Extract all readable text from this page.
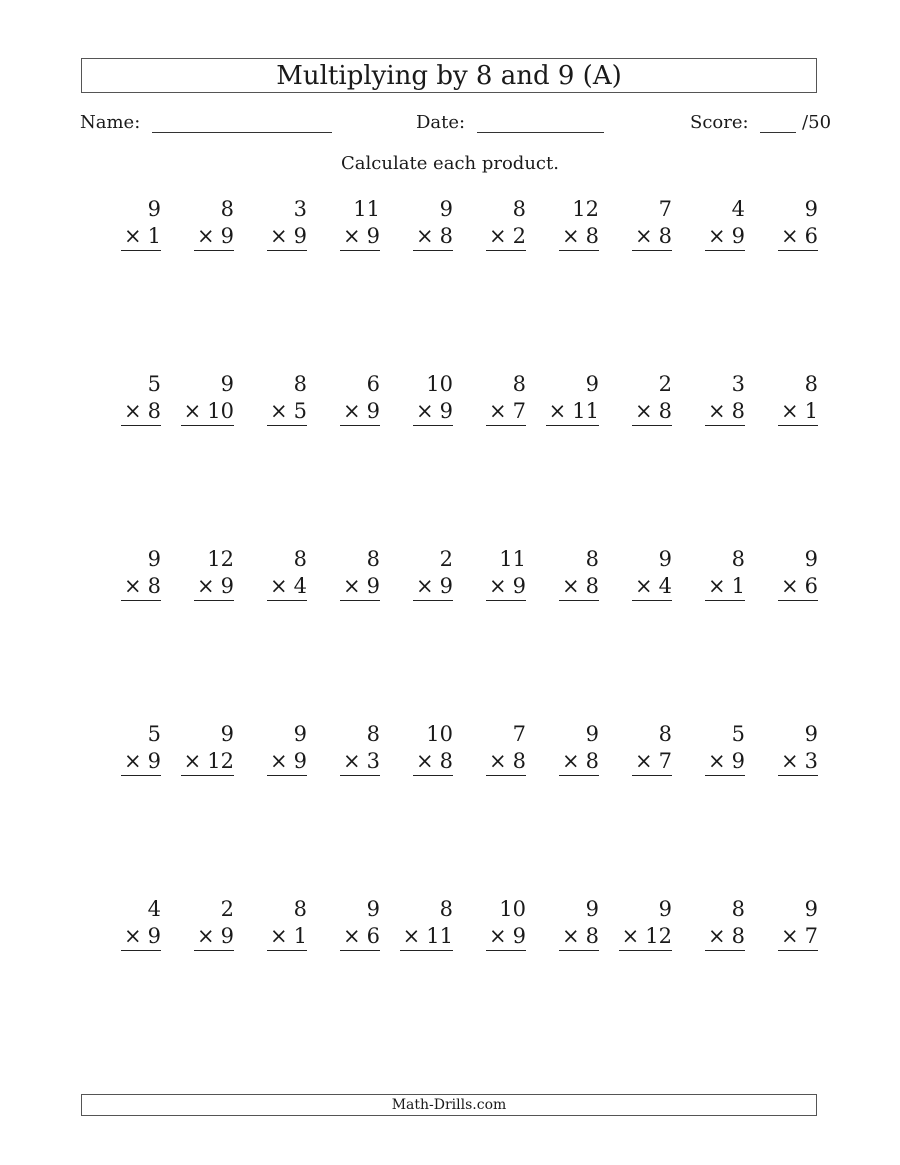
Multiplying by 8 and 9 (A)
Name:	Date:	Score:	/50
Calculate each product.
9
× 1
8
× 9
3
× 9
11
× 9
9
× 8
8
× 2
12
× 8
7
× 8
4
× 9
9
× 6
5
× 8
9
× 10
8
× 5
6
× 9
10
× 9
8
× 7
9
× 11
2
× 8
3
× 8
8
× 1
9
× 8
12
× 9
8
× 4
8
× 9
2
× 9
11
× 9
8
× 8
9
× 4
8
× 1
9
× 6
5
× 9
9
× 12
9
× 9
8
× 3
10
× 8
7
× 8
9
× 8
8
× 7
5
× 9
9
× 3
4
× 9
2
× 9
8
× 1
9
× 6
8
× 11
10
× 9
9
× 8
9
× 12
8
× 8
9
× 7
Math-Drills.com
